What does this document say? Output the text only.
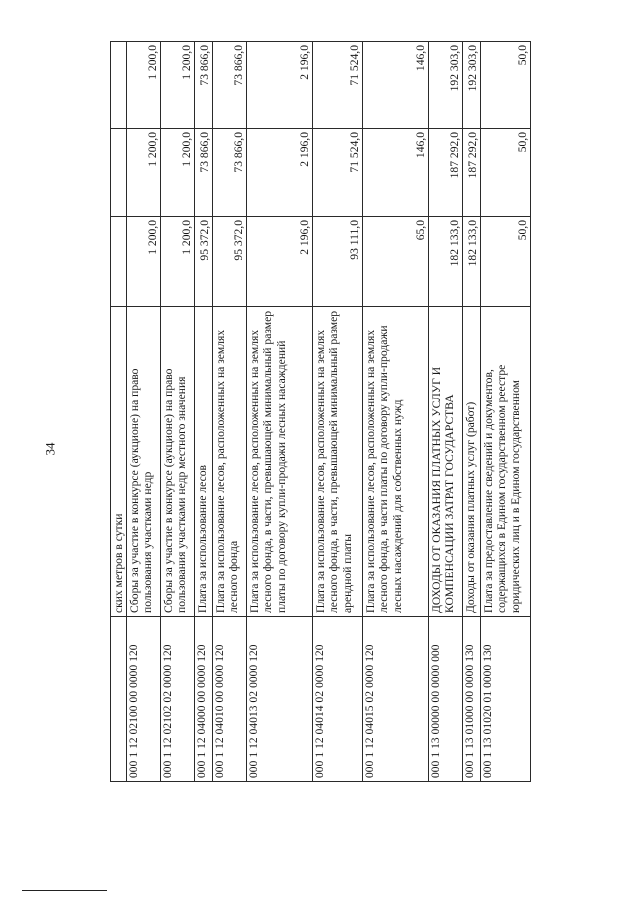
34
	ских метров в сутки			
000 1 12 02100 00 0000 120	Сборы за участие в конкурсе (аукционе) на право пользования участками недр	1 200,0	1 200,0	1 200,0
000 1 12 02102 02 0000 120	Сборы за участие в конкурсе (аукционе) на право пользования участками недр местного значения	1 200,0	1 200,0	1 200,0
000 1 12 04000 00 0000 120	Плата за использование лесов	95 372,0	73 866,0	73 866,0
000 1 12 04010 00 0000 120	Плата за использование лесов, расположенных на землях лесного фонда	95 372,0	73 866,0	73 866,0
000 1 12 04013 02 0000 120	Плата за использование лесов, расположенных на землях лесного фонда, в части, превышающей минимальный размер платы по договору купли-продажи лесных насаждений	2 196,0	2 196,0	2 196,0
000 1 12 04014 02 0000 120	Плата за использование лесов, расположенных на землях лесного фонда, в части, превышающей минимальный размер арендной платы	93 111,0	71 524,0	71 524,0
000 1 12 04015 02 0000 120	Плата за использование лесов, расположенных на землях лесного фонда, в части платы по договору купли-продажи лесных насаждений для собственных нужд	65,0	146,0	146,0
000 1 13 00000 00 0000 000	ДОХОДЫ ОТ ОКАЗАНИЯ ПЛАТНЫХ УСЛУГ И КОМПЕНСАЦИИ ЗАТРАТ ГОСУДАРСТВА	182 133,0	187 292,0	192 303,0
000 1 13 01000 00 0000 130	Доходы от оказания платных услуг (работ)	182 133,0	187 292,0	192 303,0
000 1 13 01020 01 0000 130	Плата за предоставление сведений и документов, содержащихся в Едином государственном реестре юридических лиц и в Едином государственном	50,0	50,0	50,0
